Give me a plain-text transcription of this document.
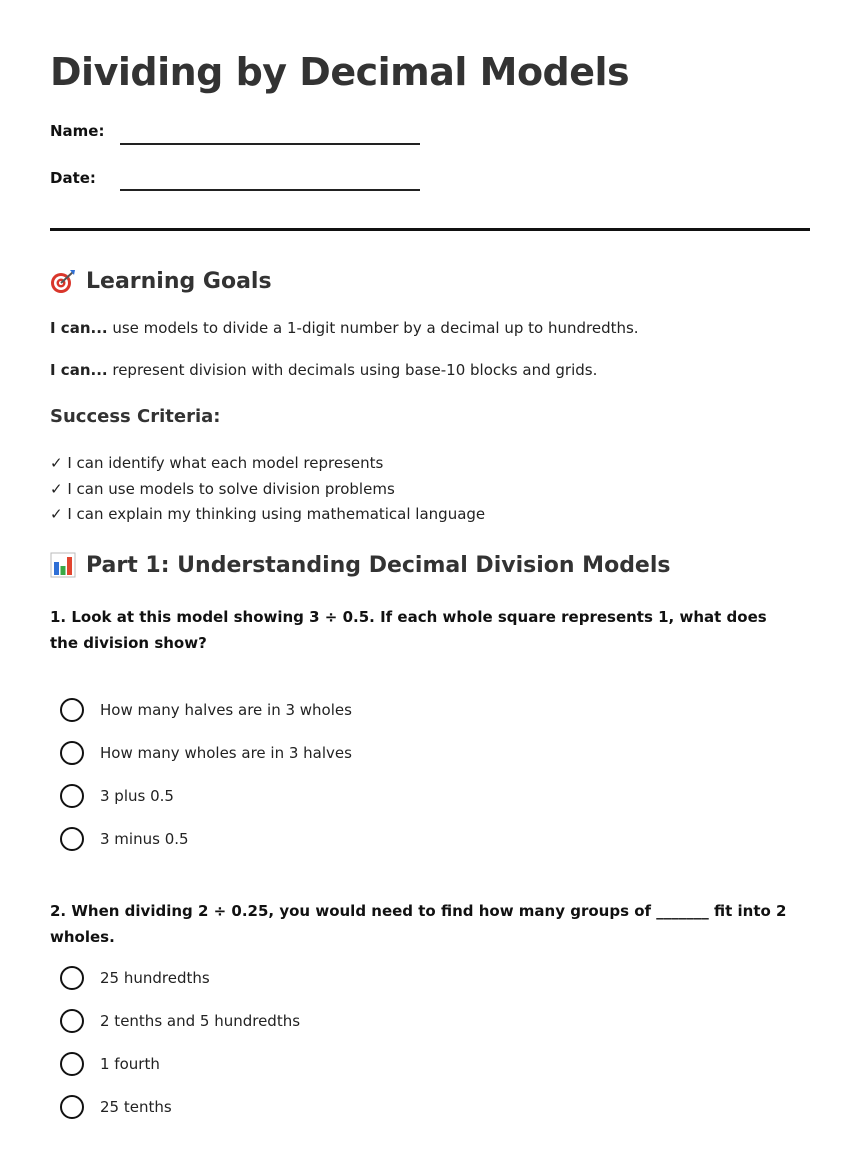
Dividing by Decimal Models
Name:
Date:
Learning Goals
I can... use models to divide a 1-digit number by a decimal up to hundredths.
I can... represent division with decimals using base-10 blocks and grids.
Success Criteria:
✓ I can identify what each model represents
✓ I can use models to solve division problems
✓ I can explain my thinking using mathematical language
Part 1: Understanding Decimal Division Models

1. Look at this model showing 3 ÷ 0.5. If each whole square represents 1, what does the division show?

How many halves are in 3 wholes
How many wholes are in 3 halves
3 plus 0.5
3 minus 0.5

2. When dividing 2 ÷ 0.25, you would need to find how many groups of _______ fit into 2 wholes.

25 hundredths
2 tenths and 5 hundredths
1 fourth
25 tenths
